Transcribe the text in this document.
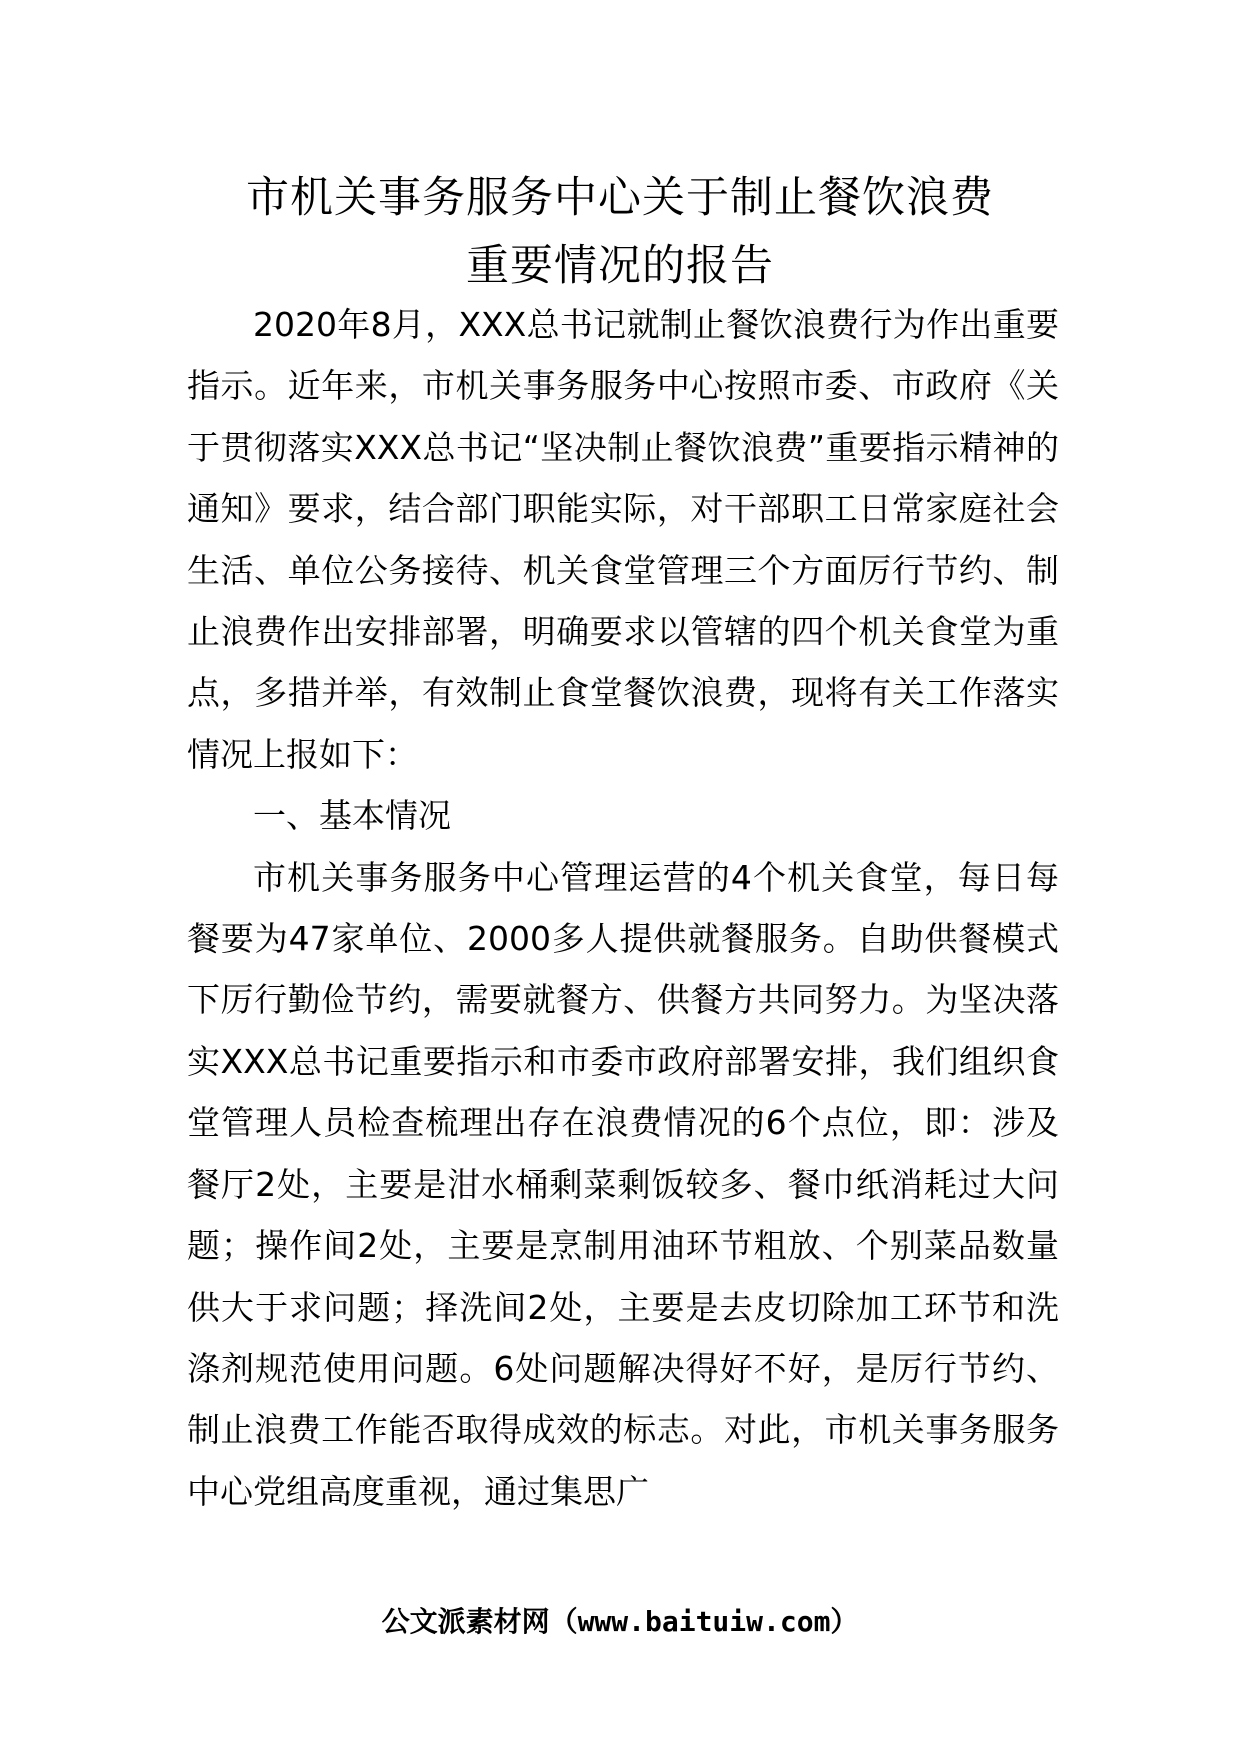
市机关事务服务中心关于制止餐饮浪费
重要情况的报告

2020年8月，XXX总书记就制止餐饮浪费行为作出重要指示。近年来，市机关事务服务中心按照市委、市政府《关于贯彻落实XXX总书记“坚决制止餐饮浪费”重要指示精神的通知》要求，结合部门职能实际，对干部职工日常家庭社会生活、单位公务接待、机关食堂管理三个方面厉行节约、制止浪费作出安排部署，明确要求以管辖的四个机关食堂为重点，多措并举，有效制止食堂餐饮浪费，现将有关工作落实情况上报如下：

一、基本情况

市机关事务服务中心管理运营的4个机关食堂，每日每餐要为47家单位、2000多人提供就餐服务。自助供餐模式下厉行勤俭节约，需要就餐方、供餐方共同努力。为坚决落实XXX总书记重要指示和市委市政府部署安排，我们组织食堂管理人员检查梳理出存在浪费情况的6个点位，即：涉及餐厅2处，主要是泔水桶剩菜剩饭较多、餐巾纸消耗过大问题；操作间2处，主要是烹制用油环节粗放、个别菜品数量供大于求问题；择洗间2处，主要是去皮切除加工环节和洗涤剂规范使用问题。6处问题解决得好不好，是厉行节约、制止浪费工作能否取得成效的标志。对此，市机关事务服务中心党组高度重视，通过集思广

公文派素材网（www.baituiw.com）
